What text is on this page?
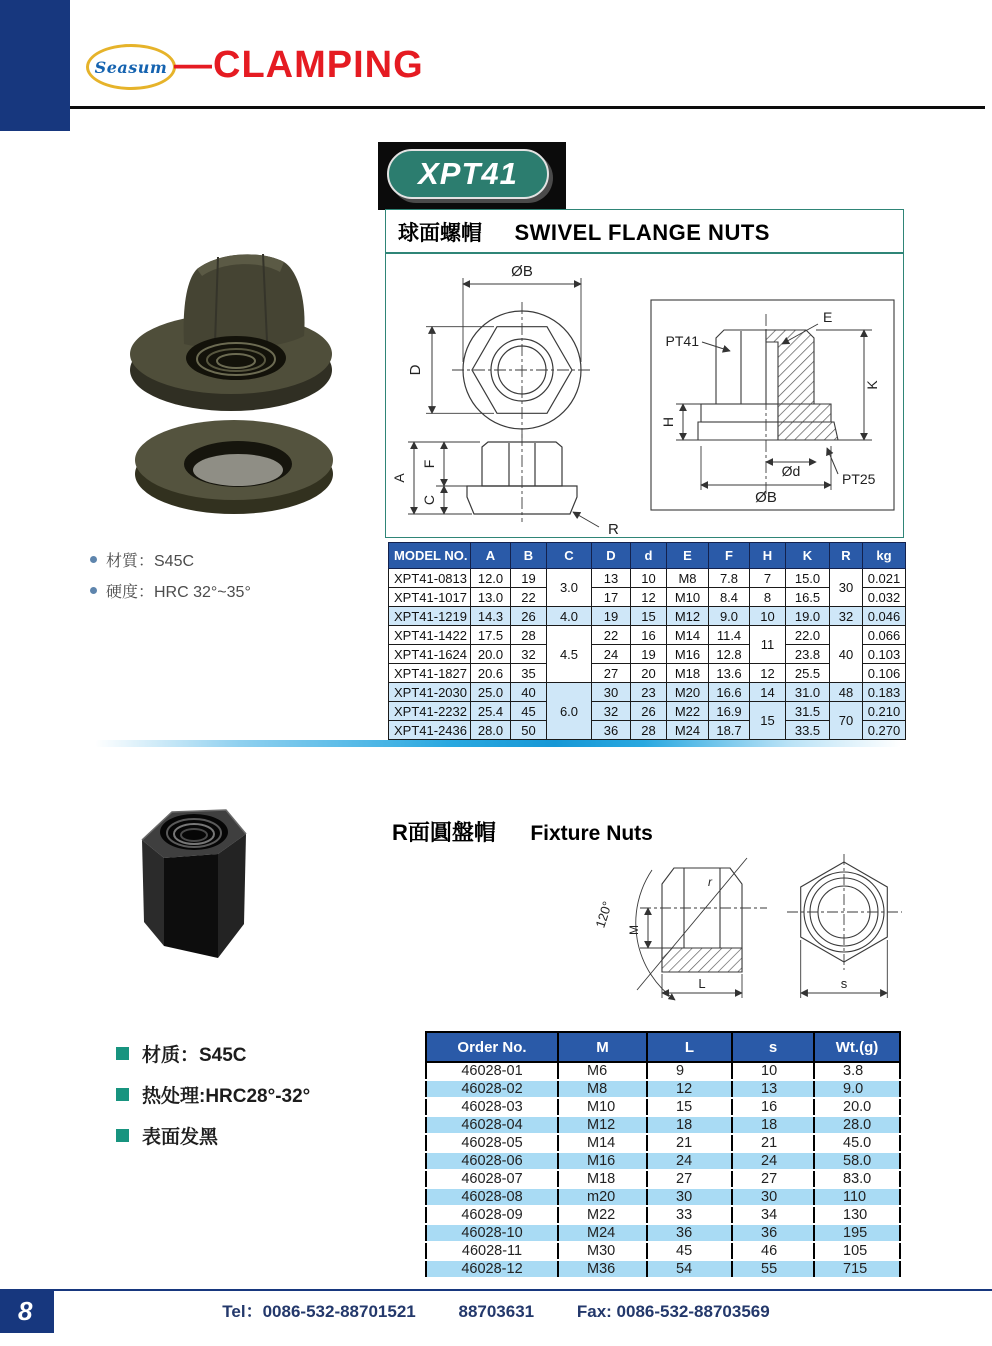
Seasum —CLAMPING
XPT41
球面螺帽 SWIVEL FLANGE NUTS
ØB
D
A
F
C
R
PT41
E
H
K
Ød
ØB
PT25
材質：S45C
硬度：HRC 32°~35°
MODEL NO.	A	B	C	D	d	E	F	H	K	R	kg
XPT41-0813	12.0	19	3.0	13	10	M8	7.8	7	15.0	30	0.021
XPT41-1017	13.0	22		17	12	M10	8.4	8	16.5		0.032
XPT41-1219	14.3	26	4.0	19	15	M12	9.0	10	19.0	32	0.046
XPT41-1422	17.5	28	4.5	22	16	M14	11.4	11	22.0	40	0.066
XPT41-1624	20.0	32		24	19	M16	12.8		23.8		0.103
XPT41-1827	20.6	35		27	20	M18	13.6	12	25.5		0.106
XPT41-2030	25.0	40	6.0	30	23	M20	16.6	14	31.0	48	0.183
XPT41-2232	25.4	45		32	26	M22	16.9	15	31.5	70	0.210
XPT41-2436	28.0	50		36	28	M24	18.7		33.5		0.270
R面圓盤帽 Fixture Nuts
120°
r
M
L	s
材质：S45C
热处理:HRC28°-32°
表面发黑
Order No.	M	L	s	Wt.(g)
46028-01	M6	9	10	3.8
46028-02	M8	12	13	9.0
46028-03	M10	15	16	20.0
46028-04	M12	18	18	28.0
46028-05	M14	21	21	45.0
46028-06	M16	24	24	58.0
46028-07	M18	27	27	83.0
46028-08	m20	30	30	110
46028-09	M22	33	34	130
46028-10	M24	36	36	195
46028-11	M30	45	46	105
46028-12	M36	54	55	715
8	Tel：0086-532-88701521	88703631	Fax: 0086-532-88703569
